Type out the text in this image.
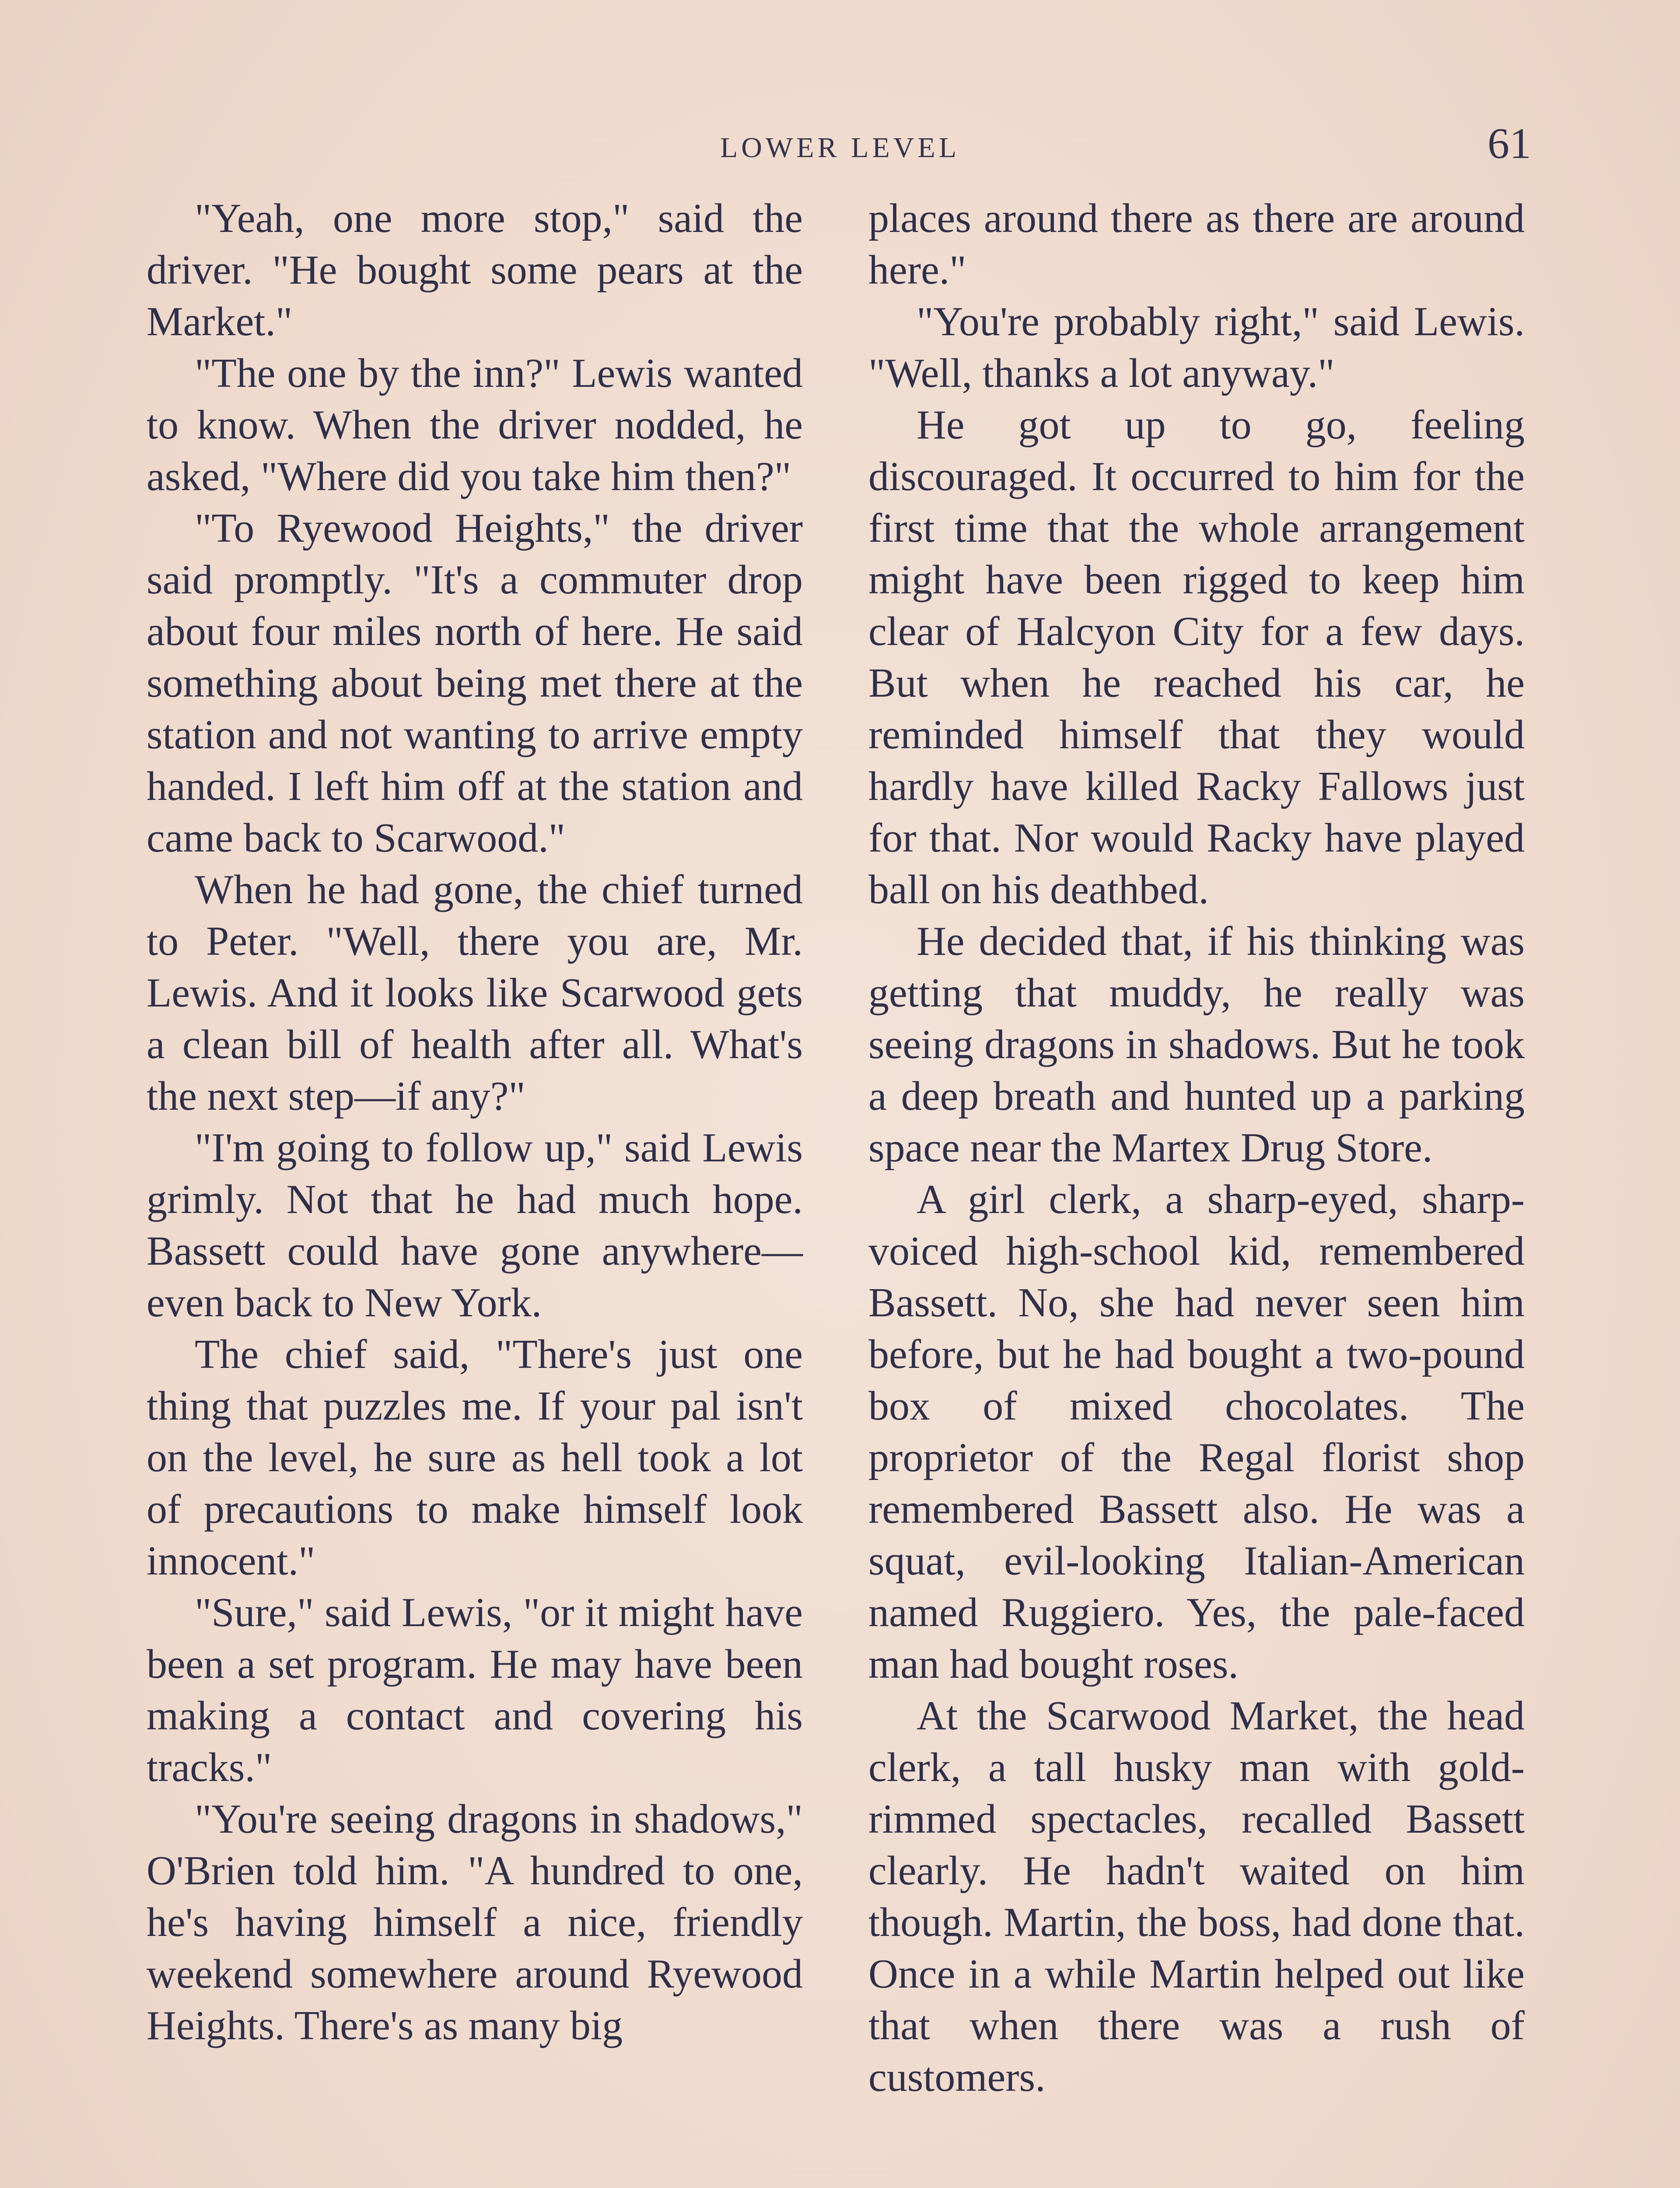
LOWER LEVEL	61

"Yeah, one more stop," said the driver. "He bought some pears at the Market."

"The one by the inn?" Lewis wanted to know. When the driver nodded, he asked, "Where did you take him then?"

"To Ryewood Heights," the driver said promptly. "It's a commuter drop about four miles north of here. He said something about being met there at the station and not wanting to arrive empty handed. I left him off at the station and came back to Scarwood."

When he had gone, the chief turned to Peter. "Well, there you are, Mr. Lewis. And it looks like Scarwood gets a clean bill of health after all. What's the next step—if any?"

"I'm going to follow up," said Lewis grimly. Not that he had much hope. Bassett could have gone anywhere—even back to New York.

The chief said, "There's just one thing that puzzles me. If your pal isn't on the level, he sure as hell took a lot of precautions to make himself look innocent."

"Sure," said Lewis, "or it might have been a set program. He may have been making a contact and covering his tracks."

"You're seeing dragons in shadows," O'Brien told him. "A hundred to one, he's having himself a nice, friendly weekend somewhere around Ryewood Heights. There's as many big

places around there as there are around here."

"You're probably right," said Lewis. "Well, thanks a lot anyway."

He got up to go, feeling discouraged. It occurred to him for the first time that the whole arrangement might have been rigged to keep him clear of Halcyon City for a few days. But when he reached his car, he reminded himself that they would hardly have killed Racky Fallows just for that. Nor would Racky have played ball on his deathbed.

He decided that, if his thinking was getting that muddy, he really was seeing dragons in shadows. But he took a deep breath and hunted up a parking space near the Martex Drug Store.

A girl clerk, a sharp-eyed, sharp-voiced high-school kid, remembered Bassett. No, she had never seen him before, but he had bought a two-pound box of mixed chocolates. The proprietor of the Regal florist shop remembered Bassett also. He was a squat, evil-looking Italian-American named Ruggiero. Yes, the pale-faced man had bought roses.

At the Scarwood Market, the head clerk, a tall husky man with gold-rimmed spectacles, recalled Bassett clearly. He hadn't waited on him though. Martin, the boss, had done that. Once in a while Martin helped out like that when there was a rush of customers.
